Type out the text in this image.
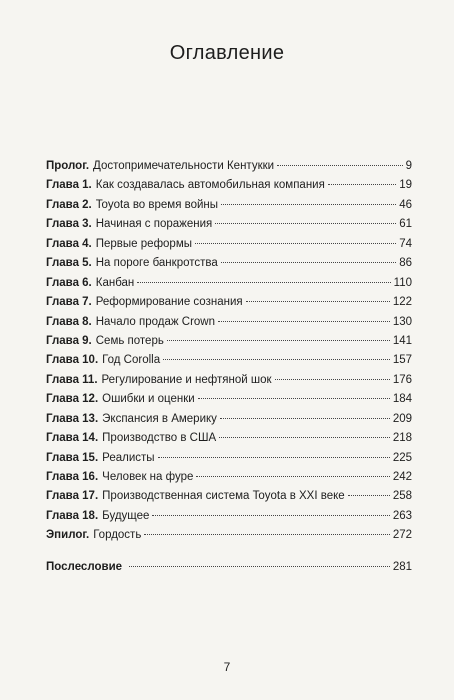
Оглавление
Пролог. Достопримечательности Кентукки	9
Глава 1. Как создавалась автомобильная компания	19
Глава 2. Toyota во время войны	46
Глава 3. Начиная с поражения	61
Глава 4. Первые реформы	74
Глава 5. На пороге банкротства	86
Глава 6. Канбан	110
Глава 7. Реформирование сознания	122
Глава 8. Начало продаж Crown	130
Глава 9. Семь потерь	141
Глава 10. Год Corolla	157
Глава 11. Регулирование и нефтяной шок	176
Глава 12. Ошибки и оценки	184
Глава 13. Экспансия в Америку	209
Глава 14. Производство в США	218
Глава 15. Реалисты	225
Глава 16. Человек на фуре	242
Глава 17. Производственная система Toyota в XXI веке	258
Глава 18. Будущее	263
Эпилог. Гордость	272
Послесловие	281
7
